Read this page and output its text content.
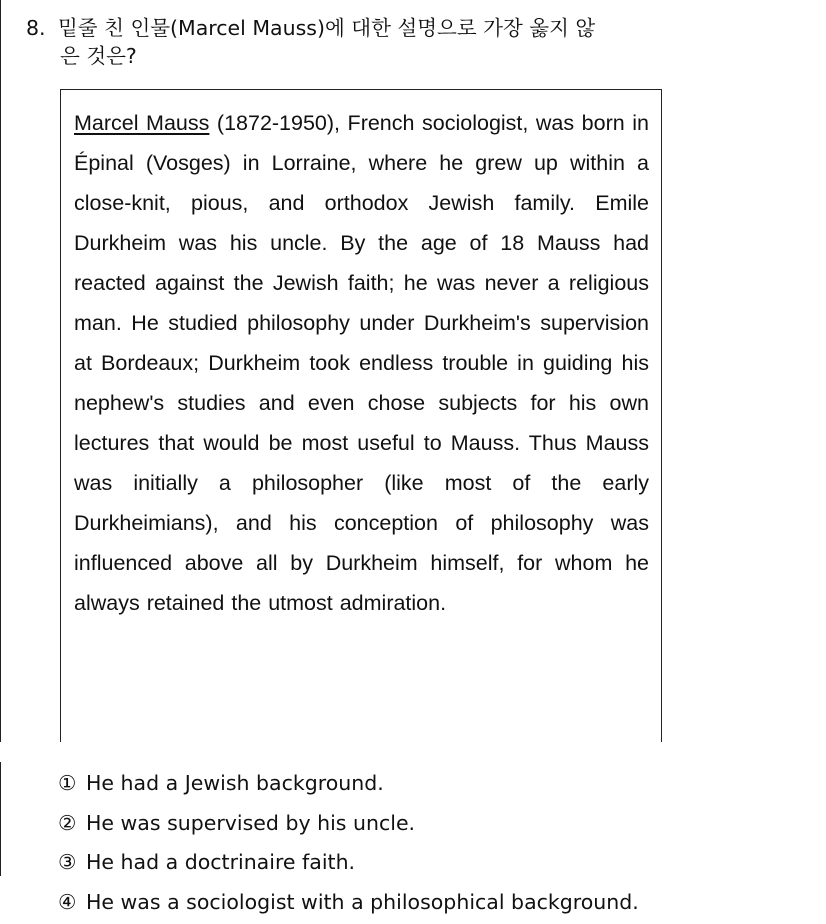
8. 밑줄 친 인물(Marcel Mauss)에 대한 설명으로 가장 옳지 않
은 것은?
Marcel Mauss (1872-1950), French sociologist, was born in Épinal (Vosges) in Lorraine, where he grew up within a close-knit, pious, and orthodox Jewish family. Emile Durkheim was his uncle. By the age of 18 Mauss had reacted against the Jewish faith; he was never a religious man. He studied philosophy under Durkheim's supervision at Bordeaux; Durkheim took endless trouble in guiding his nephew's studies and even chose subjects for his own lectures that would be most useful to Mauss. Thus Mauss was initially a philosopher (like most of the early Durkheimians), and his conception of philosophy was influenced above all by Durkheim himself, for whom he always retained the utmost admiration.
① He had a Jewish background.
② He was supervised by his uncle.
③ He had a doctrinaire faith.
④ He was a sociologist with a philosophical background.
